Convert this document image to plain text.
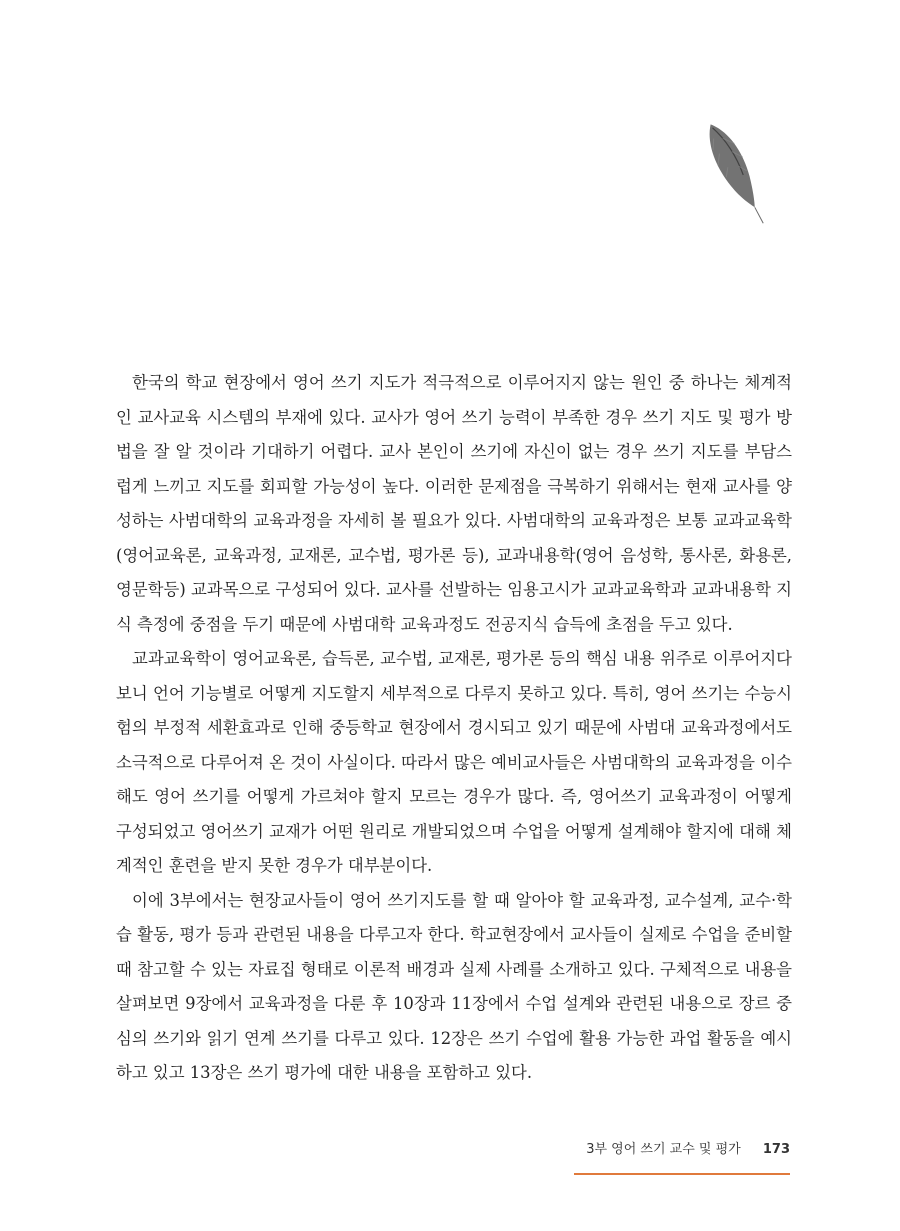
한국의 학교 현장에서 영어 쓰기 지도가 적극적으로 이루어지지 않는 원인 중 하나는 체계적인 교사교육 시스템의 부재에 있다. 교사가 영어 쓰기 능력이 부족한 경우 쓰기 지도 및 평가 방법을 잘 알 것이라 기대하기 어렵다. 교사 본인이 쓰기에 자신이 없는 경우 쓰기 지도를 부담스럽게 느끼고 지도를 회피할 가능성이 높다. 이러한 문제점을 극복하기 위해서는 현재 교사를 양성하는 사범대학의 교육과정을 자세히 볼 필요가 있다. 사범대학의 교육과정은 보통 교과교육학(영어교육론, 교육과정, 교재론, 교수법, 평가론 등), 교과내용학(영어 음성학, 통사론, 화용론, 영문학등) 교과목으로 구성되어 있다. 교사를 선발하는 임용고시가 교과교육학과 교과내용학 지식 측정에 중점을 두기 때문에 사범대학 교육과정도 전공지식 습득에 초점을 두고 있다.

교과교육학이 영어교육론, 습득론, 교수법, 교재론, 평가론 등의 핵심 내용 위주로 이루어지다 보니 언어 기능별로 어떻게 지도할지 세부적으로 다루지 못하고 있다. 특히, 영어 쓰기는 수능시험의 부정적 세환효과로 인해 중등학교 현장에서 경시되고 있기 때문에 사범대 교육과정에서도 소극적으로 다루어져 온 것이 사실이다. 따라서 많은 예비교사들은 사범대학의 교육과정을 이수해도 영어 쓰기를 어떻게 가르쳐야 할지 모르는 경우가 많다. 즉, 영어쓰기 교육과정이 어떻게 구성되었고 영어쓰기 교재가 어떤 원리로 개발되었으며 수업을 어떻게 설계해야 할지에 대해 체계적인 훈련을 받지 못한 경우가 대부분이다.

이에 3부에서는 현장교사들이 영어 쓰기지도를 할 때 알아야 할 교육과정, 교수설계, 교수·학습 활동, 평가 등과 관련된 내용을 다루고자 한다. 학교현장에서 교사들이 실제로 수업을 준비할 때 참고할 수 있는 자료집 형태로 이론적 배경과 실제 사례를 소개하고 있다. 구체적으로 내용을 살펴보면 9장에서 교육과정을 다룬 후 10장과 11장에서 수업 설계와 관련된 내용으로 장르 중심의 쓰기와 읽기 연계 쓰기를 다루고 있다. 12장은 쓰기 수업에 활용 가능한 과업 활동을 예시하고 있고 13장은 쓰기 평가에 대한 내용을 포함하고 있다.

3부 영어 쓰기 교수 및 평가 173
